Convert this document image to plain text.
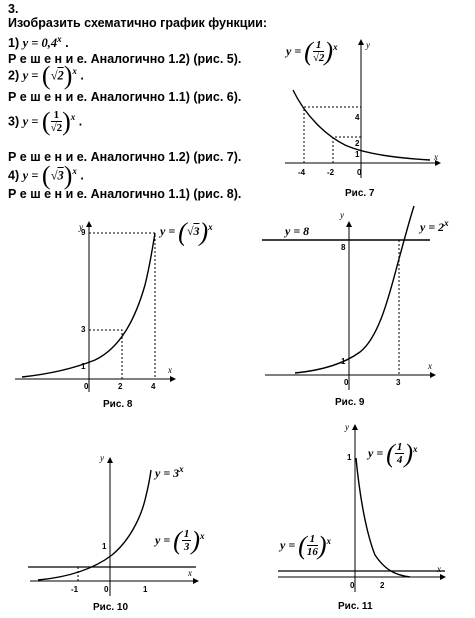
3.
Изобразить схематично график функции:
1) $y = 0,4^x$ .
Р е ш е н и е. Аналогично 1.2) (рис. 5).
2) $y = (√2)^x$ .
Р е ш е н и е. Аналогично 1.1) (рис. 6).
3) y = ( $\frac{1}{√2} )^x$ .
Р е ш е н и е. Аналогично 1.2) (рис. 7).
4) $y = (√3)^x$ .
Р е ш е н и е. Аналогично 1.1) (рис. 8).
y = ( $\frac{1}{√2} )^x$	y
x
-4	-2	0
4
2
1
Рис. 7
$y = (√3)^x$
y
x
9
3
1
0	2	4
Рис. 8
y = 8	$y = 2^x$
y
x
8
1
0	3
Рис. 9
$y = 3^x$
y = ( $\frac{1}{3} )^x$
y
x
1
-1	0	1
Рис. 10
y = ( $\frac{1}{4} )^x$
y = ( $\frac{1}{16} )^x$
y
x
1
0	2
Рис. 11
